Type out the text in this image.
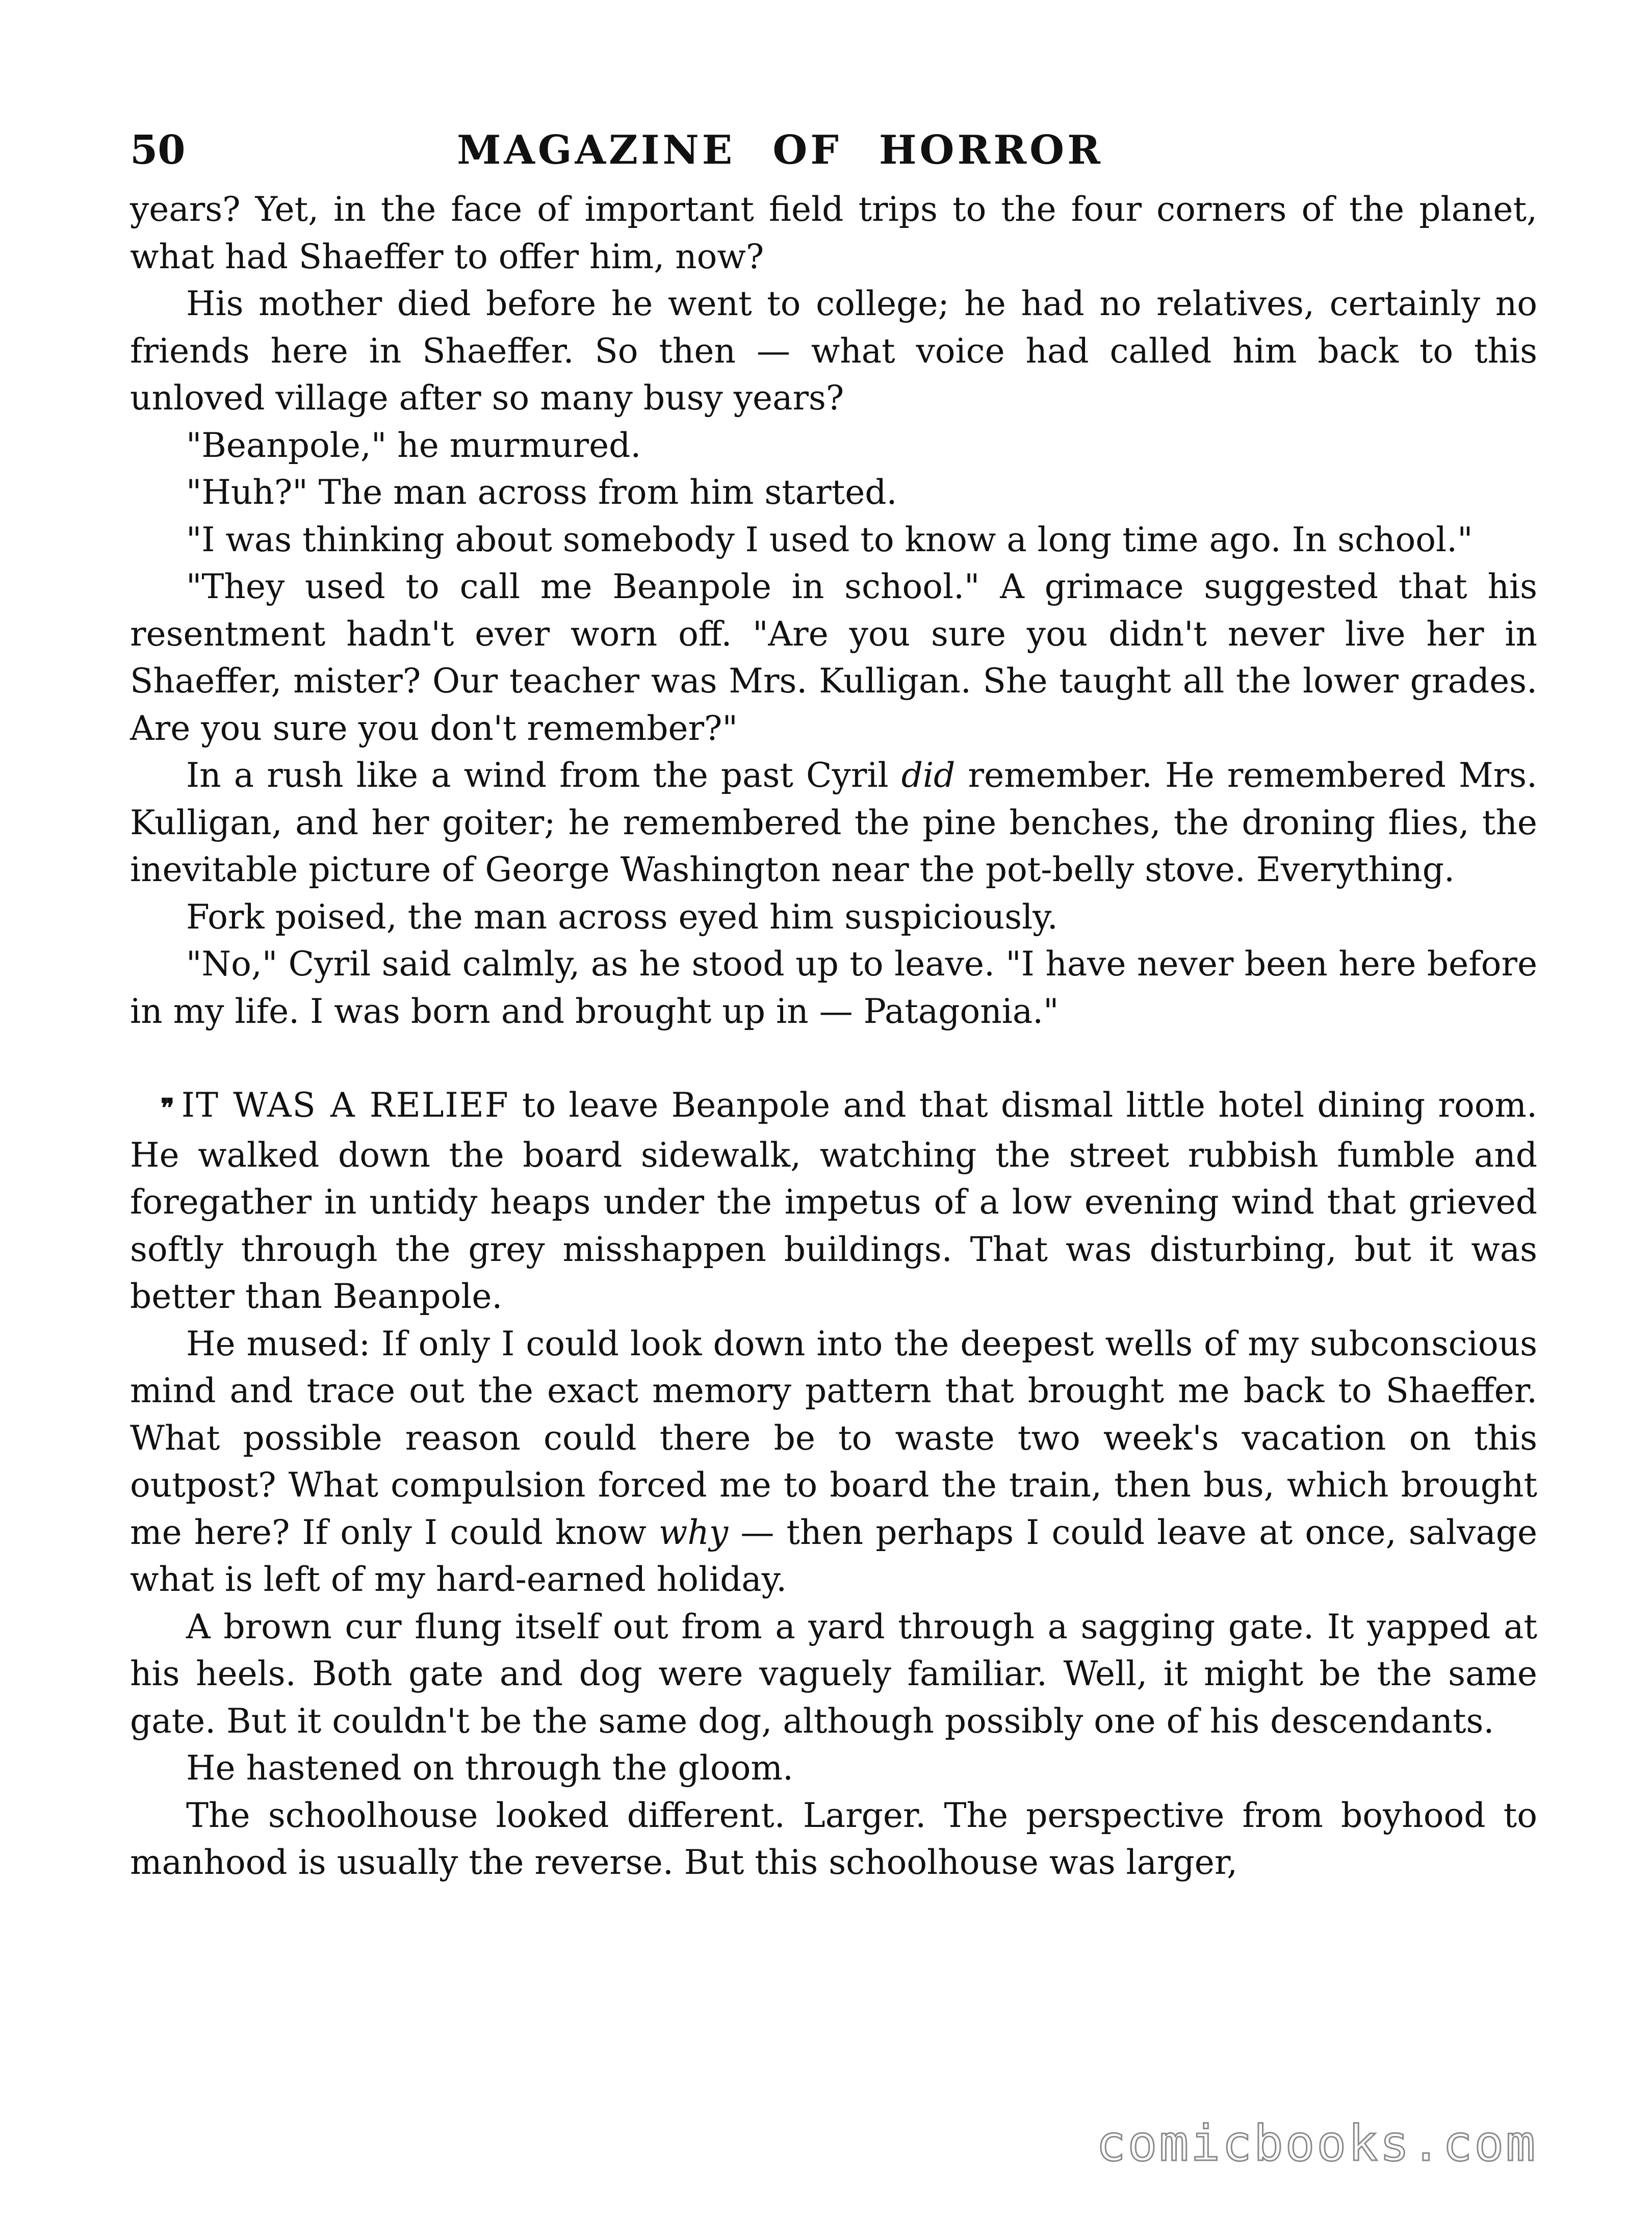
50	MAGAZINE OF HORROR

years? Yet, in the face of important field trips to the four corners of the planet, what had Shaeffer to offer him, now?

His mother died before he went to college; he had no relatives, certainly no friends here in Shaeffer. So then — what voice had called him back to this unloved village after so many busy years?

"Beanpole," he murmured.

"Huh?" The man across from him started.

"I was thinking about somebody I used to know a long time ago. In school."

"They used to call me Beanpole in school." A grimace suggested that his resentment hadn't ever worn off. "Are you sure you didn't never live her in Shaeffer, mister? Our teacher was Mrs. Kulligan. She taught all the lower grades. Are you sure you don't remember?"

In a rush like a wind from the past Cyril did remember. He remembered Mrs. Kulligan, and her goiter; he remembered the pine benches, the droning flies, the inevitable picture of George Washington near the pot-belly stove. Everything.

Fork poised, the man across eyed him suspiciously.

"No," Cyril said calmly, as he stood up to leave. "I have never been here before in my life. I was born and brought up in — Patagonia."

❞ IT WAS A RELIEF to leave Beanpole and that dismal little hotel dining room. He walked down the board sidewalk, watching the street rubbish fumble and foregather in untidy heaps under the impetus of a low evening wind that grieved softly through the grey misshappen buildings. That was disturbing, but it was better than Beanpole.

He mused: If only I could look down into the deepest wells of my subconscious mind and trace out the exact memory pattern that brought me back to Shaeffer. What possible reason could there be to waste two week's vacation on this outpost? What compulsion forced me to board the train, then bus, which brought me here? If only I could know why — then perhaps I could leave at once, salvage what is left of my hard-earned holiday.

A brown cur flung itself out from a yard through a sagging gate. It yapped at his heels. Both gate and dog were vaguely familiar. Well, it might be the same gate. But it couldn't be the same dog, although possibly one of his descendants.

He hastened on through the gloom.

The schoolhouse looked different. Larger. The perspective from boyhood to manhood is usually the reverse. But this schoolhouse was larger,

comicbooks.com
